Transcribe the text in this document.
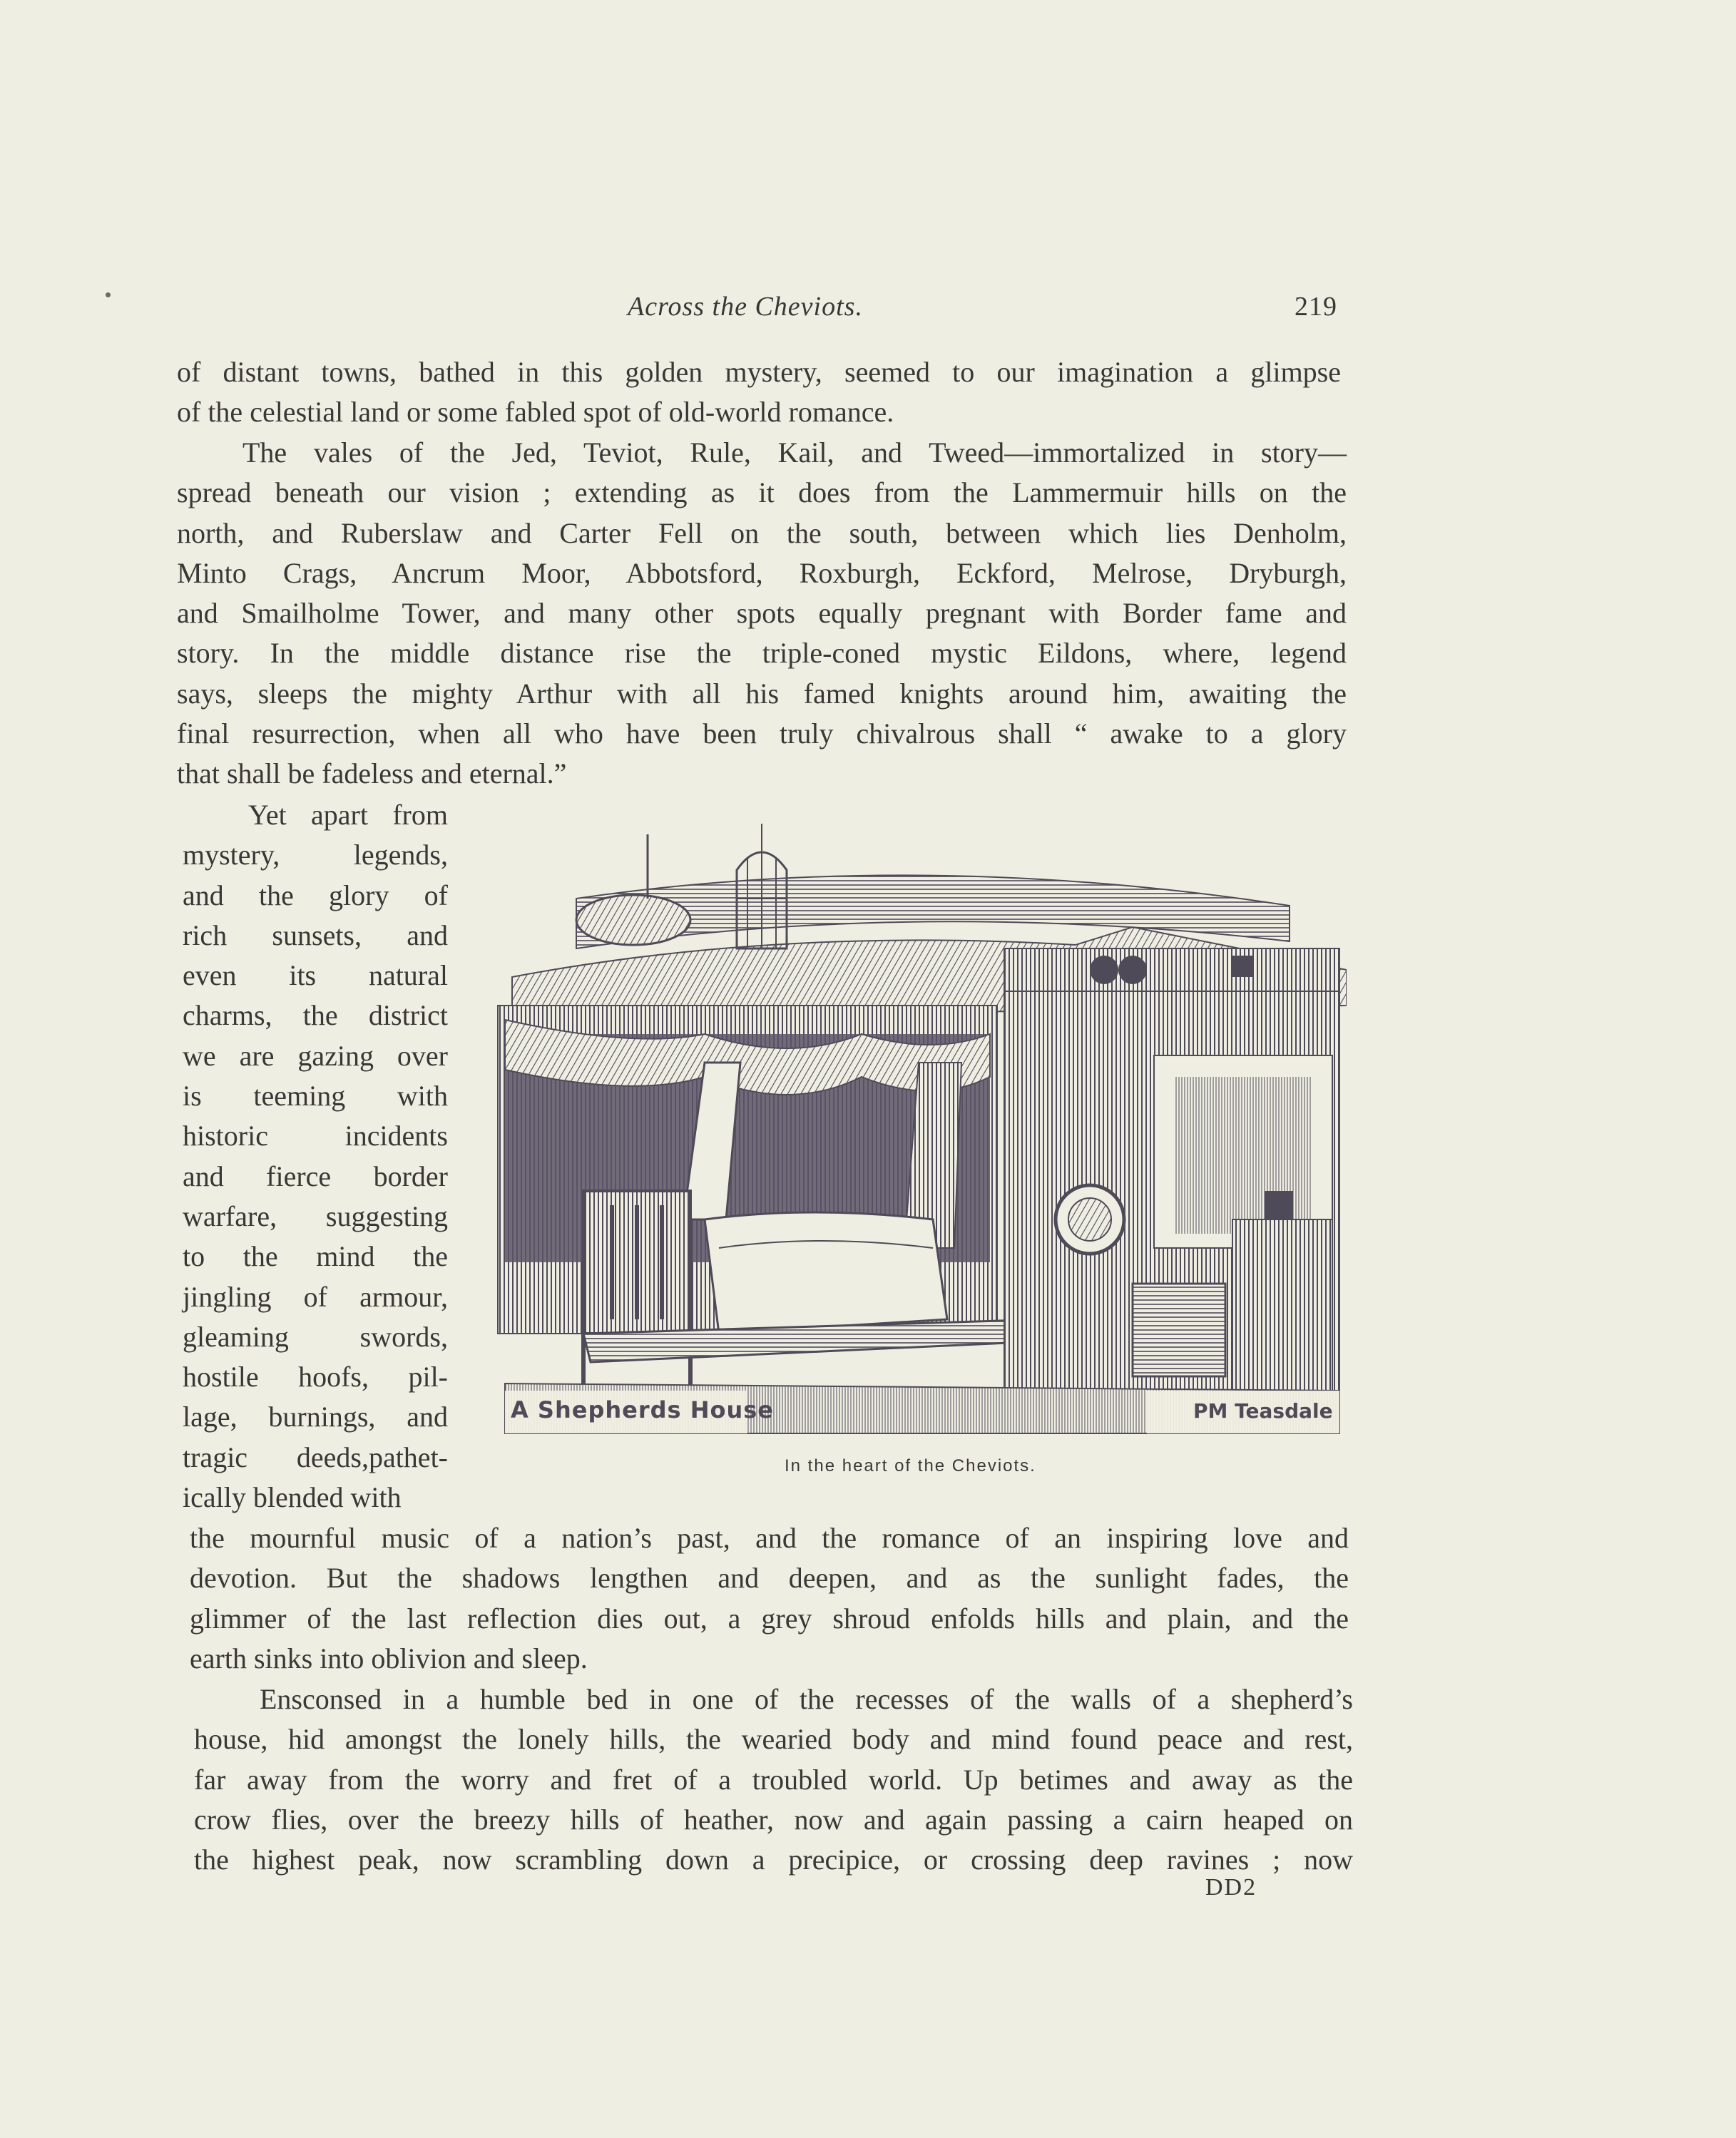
Across the Cheviots.	219
of distant towns, bathed in this golden mystery, seemed to our imagination a glimpse
of the celestial land or some fabled spot of old-world romance.
The vales of the Jed, Teviot, Rule, Kail, and Tweed—immortalized in story—
spread beneath our vision ; extending as it does from the Lammermuir hills on the
north, and Ruberslaw and Carter Fell on the south, between which lies Denholm,
Minto Crags, Ancrum Moor, Abbotsford, Roxburgh, Eckford, Melrose, Dryburgh,
and Smailholme Tower, and many other spots equally pregnant with Border fame and
story. In the middle distance rise the triple-coned mystic Eildons, where, legend
says, sleeps the mighty Arthur with all his famed knights around him, awaiting the
final resurrection, when all who have been truly chivalrous shall “ awake to a glory
that shall be fadeless and eternal.”
Yet apart from
mystery, legends,
and the glory of
rich sunsets, and
even its natural
charms, the district
we are gazing over
is teeming with
historic incidents
and fierce border
warfare, suggesting
to the mind the
jingling of armour,
gleaming swords,
hostile hoofs, pil-
lage, burnings, and
tragic deeds,pathet-
ically blended with
A Shepherds House	PM Teasdale
In the heart of the Cheviots.
the mournful music of a nation’s past, and the romance of an inspiring love and
devotion. But the shadows lengthen and deepen, and as the sunlight fades, the
glimmer of the last reflection dies out, a grey shroud enfolds hills and plain, and the
earth sinks into oblivion and sleep.
Ensconsed in a humble bed in one of the recesses of the walls of a shepherd’s
house, hid amongst the lonely hills, the wearied body and mind found peace and rest,
far away from the worry and fret of a troubled world. Up betimes and away as the
crow flies, over the breezy hills of heather, now and again passing a cairn heaped on
the highest peak, now scrambling down a precipice, or crossing deep ravines ; now
DD2
